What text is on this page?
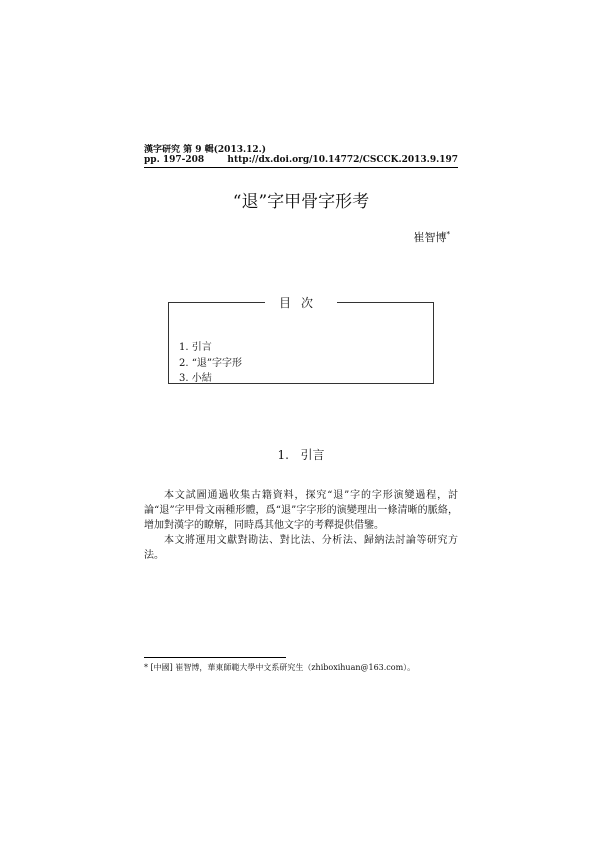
漢字研究 第 9 輯(2013.12.)
pp. 197-208	http://dx.doi.org/10.14772/CSCCK.2013.9.197
“退”字甲骨字形考
崔智博*
目次
1. 引言
2. “退”字字形
3. 小結
1.   引言

本文試圖通過收集古籍資料，探究“退”字的字形演變過程，討論“退”字甲骨文兩種形體，爲“退”字字形的演變理出一條清晰的脈絡，增加對漢字的瞭解，同時爲其他文字的考釋提供借鑒。

本文將運用文獻對勘法、對比法、分析法、歸納法討論等研究方法。

* [中國] 崔智博，華東師範大學中文系研究生（zhiboxihuan@163.com）。
